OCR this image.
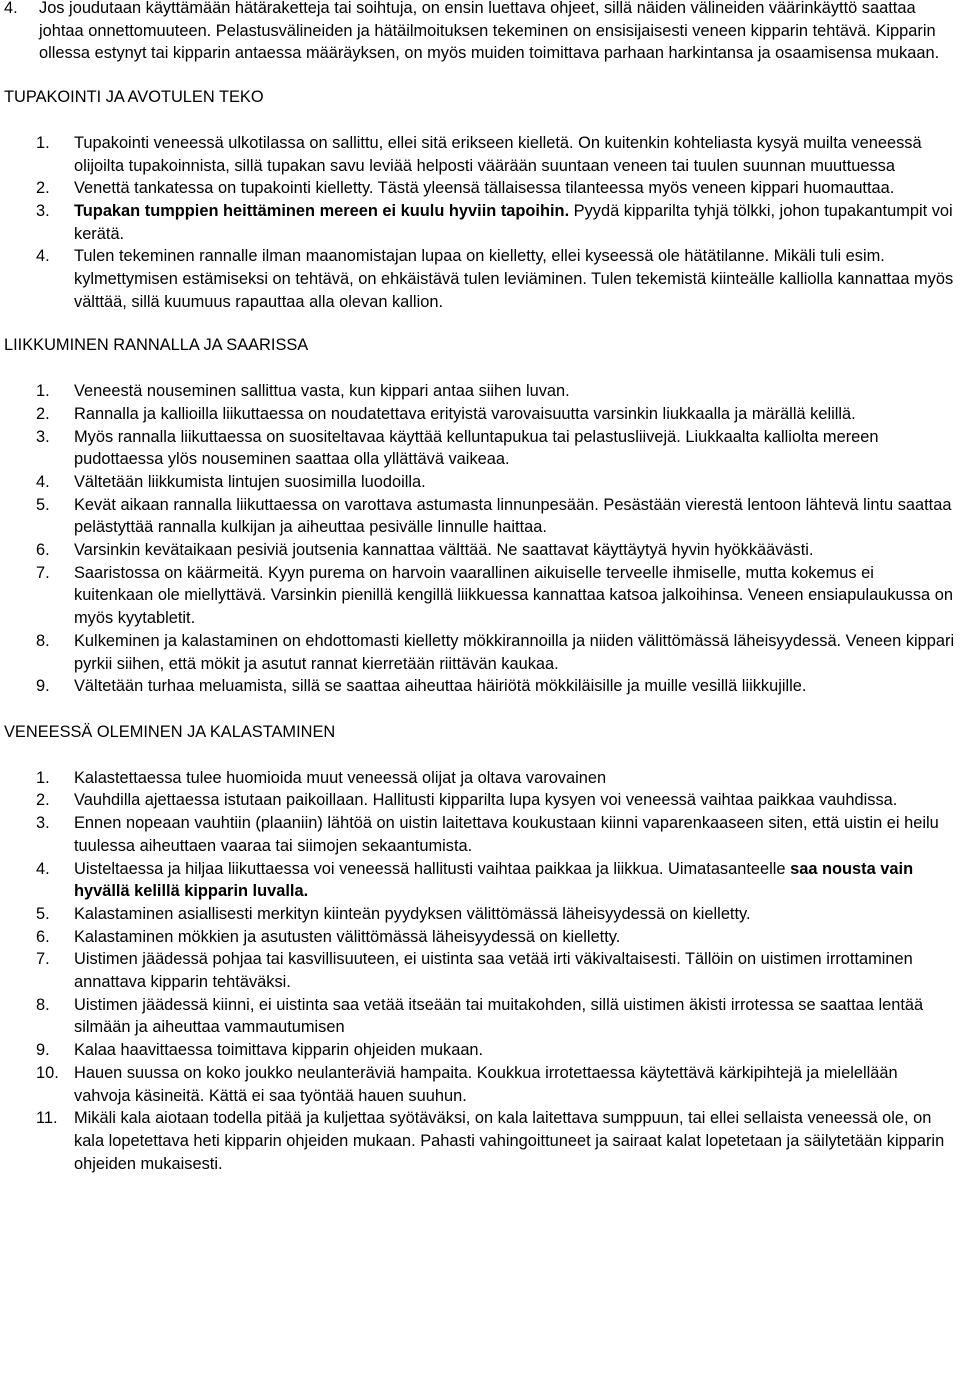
4. Jos joudutaan käyttämään hätäraketteja tai soihtuja, on ensin luettava ohjeet, sillä näiden välineiden väärinkäyttö saattaa johtaa onnettomuuteen. Pelastusvälineiden ja hätäilmoituksen tekeminen on ensisijaisesti veneen kipparin tehtävä. Kipparin ollessa estynyt tai kipparin antaessa määräyksen, on myös muiden toimittava parhaan harkintansa ja osaamisensa mukaan.
TUPAKOINTI JA AVOTULEN TEKO
1. Tupakointi veneessä ulkotilassa on sallittu, ellei sitä erikseen kielletä. On kuitenkin kohteliasta kysyä muilta veneessä olijoilta tupakoinnista, sillä tupakan savu leviää helposti väärään suuntaan veneen tai tuulen suunnan muuttuessa
2. Venettä tankatessa on tupakointi kielletty. Tästä yleensä tällaisessa tilanteessa myös veneen kippari huomauttaa.
3. Tupakan tumppien heittäminen mereen ei kuulu hyviin tapoihin. Pyydä kipparilta tyhjä tölkki, johon tupakantumpit voi kerätä.
4. Tulen tekeminen rannalle ilman maanomistajan lupaa on kielletty, ellei kyseessä ole hätätilanne. Mikäli tuli esim. kylmettymisen estämiseksi on tehtävä, on ehkäistävä tulen leviäminen. Tulen tekemistä kiinteälle kalliolla kannattaa myös välttää, sillä kuumuus rapauttaa alla olevan kallion.
LIIKKUMINEN RANNALLA JA SAARISSA
1. Veneestä nouseminen sallittua vasta, kun kippari antaa siihen luvan.
2. Rannalla ja kallioilla liikuttaessa on noudatettava erityistä varovaisuutta varsinkin liukkaalla ja märällä kelillä.
3. Myös rannalla liikuttaessa on suositeltavaa käyttää kelluntapukua tai pelastusliivejä. Liukkaalta kalliolta mereen pudottaessa ylös nouseminen saattaa olla yllättävä vaikeaa.
4. Vältetään liikkumista lintujen suosimilla luodoilla.
5. Kevät aikaan rannalla liikuttaessa on varottava astumasta linnunpesään. Pesästään vierestä lentoon lähtevä lintu saattaa pelästyttää rannalla kulkijan ja aiheuttaa pesivälle linnulle haittaa.
6. Varsinkin kevätaikaan pesiviä joutsenia kannattaa välttää. Ne saattavat käyttäytyä hyvin hyökkäävästi.
7. Saaristossa on käärmeitä. Kyyn purema on harvoin vaarallinen aikuiselle terveelle ihmiselle, mutta kokemus ei kuitenkaan ole miellyttävä. Varsinkin pienillä kengillä liikkuessa kannattaa katsoa jalkoihinsa. Veneen ensiapulaukussa on myös kyytabletit.
8. Kulkeminen ja kalastaminen on ehdottomasti kielletty mökkirannoilla ja niiden välittömässä läheisyydessä. Veneen kippari pyrkii siihen, että mökit ja asutut rannat kierretään riittävän kaukaa.
9. Vältetään turhaa meluamista, sillä se saattaa aiheuttaa häiriötä mökkiläisille ja muille vesillä liikkujille.
VENEESSÄ OLEMINEN JA KALASTAMINEN
1. Kalastettaessa tulee huomioida muut veneessä olijat ja oltava varovainen
2. Vauhdilla ajettaessa istutaan paikoillaan. Hallitusti kipparilta lupa kysyen voi veneessä vaihtaa paikkaa vauhdissa.
3. Ennen nopeaan vauhtiin (plaaniin) lähtöä on uistin laitettava koukustaan kiinni vaparenkaaseen siten, että uistin ei heilu tuulessa aiheuttaen vaaraa tai siimojen sekaantumista.
4. Uisteltaessa ja hiljaa liikuttaessa voi veneessä hallitusti vaihtaa paikkaa ja liikkua. Uimatasanteelle saa nousta vain hyvällä kelillä kipparin luvalla.
5. Kalastaminen asiallisesti merkityn kiinteän pyydyksen välittömässä läheisyydessä on kielletty.
6. Kalastaminen mökkien ja asutusten välittömässä läheisyydessä on kielletty.
7. Uistimen jäädessä pohjaa tai kasvillisuuteen, ei uistinta saa vetää irti väkivaltaisesti. Tällöin on uistimen irrottaminen annattava kipparin tehtäväksi.
8. Uistimen jäädessä kiinni, ei uistinta saa vetää itseään tai muitakohden, sillä uistimen äkisti irrotessa se saattaa lentää silmään ja aiheuttaa vammautumisen
9. Kalaa haavittaessa toimittava kipparin ohjeiden mukaan.
10. Hauen suussa on koko joukko neulanteräviä hampaita. Koukkua irrotettaessa käytettävä kärkipihtejä ja mielellään vahvoja käsineitä. Kättä ei saa työntää hauen suuhun.
11. Mikäli kala aiotaan todella pitää ja kuljettaa syötäväksi, on kala laitettava sumppuun, tai ellei sellaista veneessä ole, on kala lopetettava heti kipparin ohjeiden mukaan. Pahasti vahingoittuneet ja sairaat kalat lopetetaan ja säilytetään kipparin ohjeiden mukaisesti.
